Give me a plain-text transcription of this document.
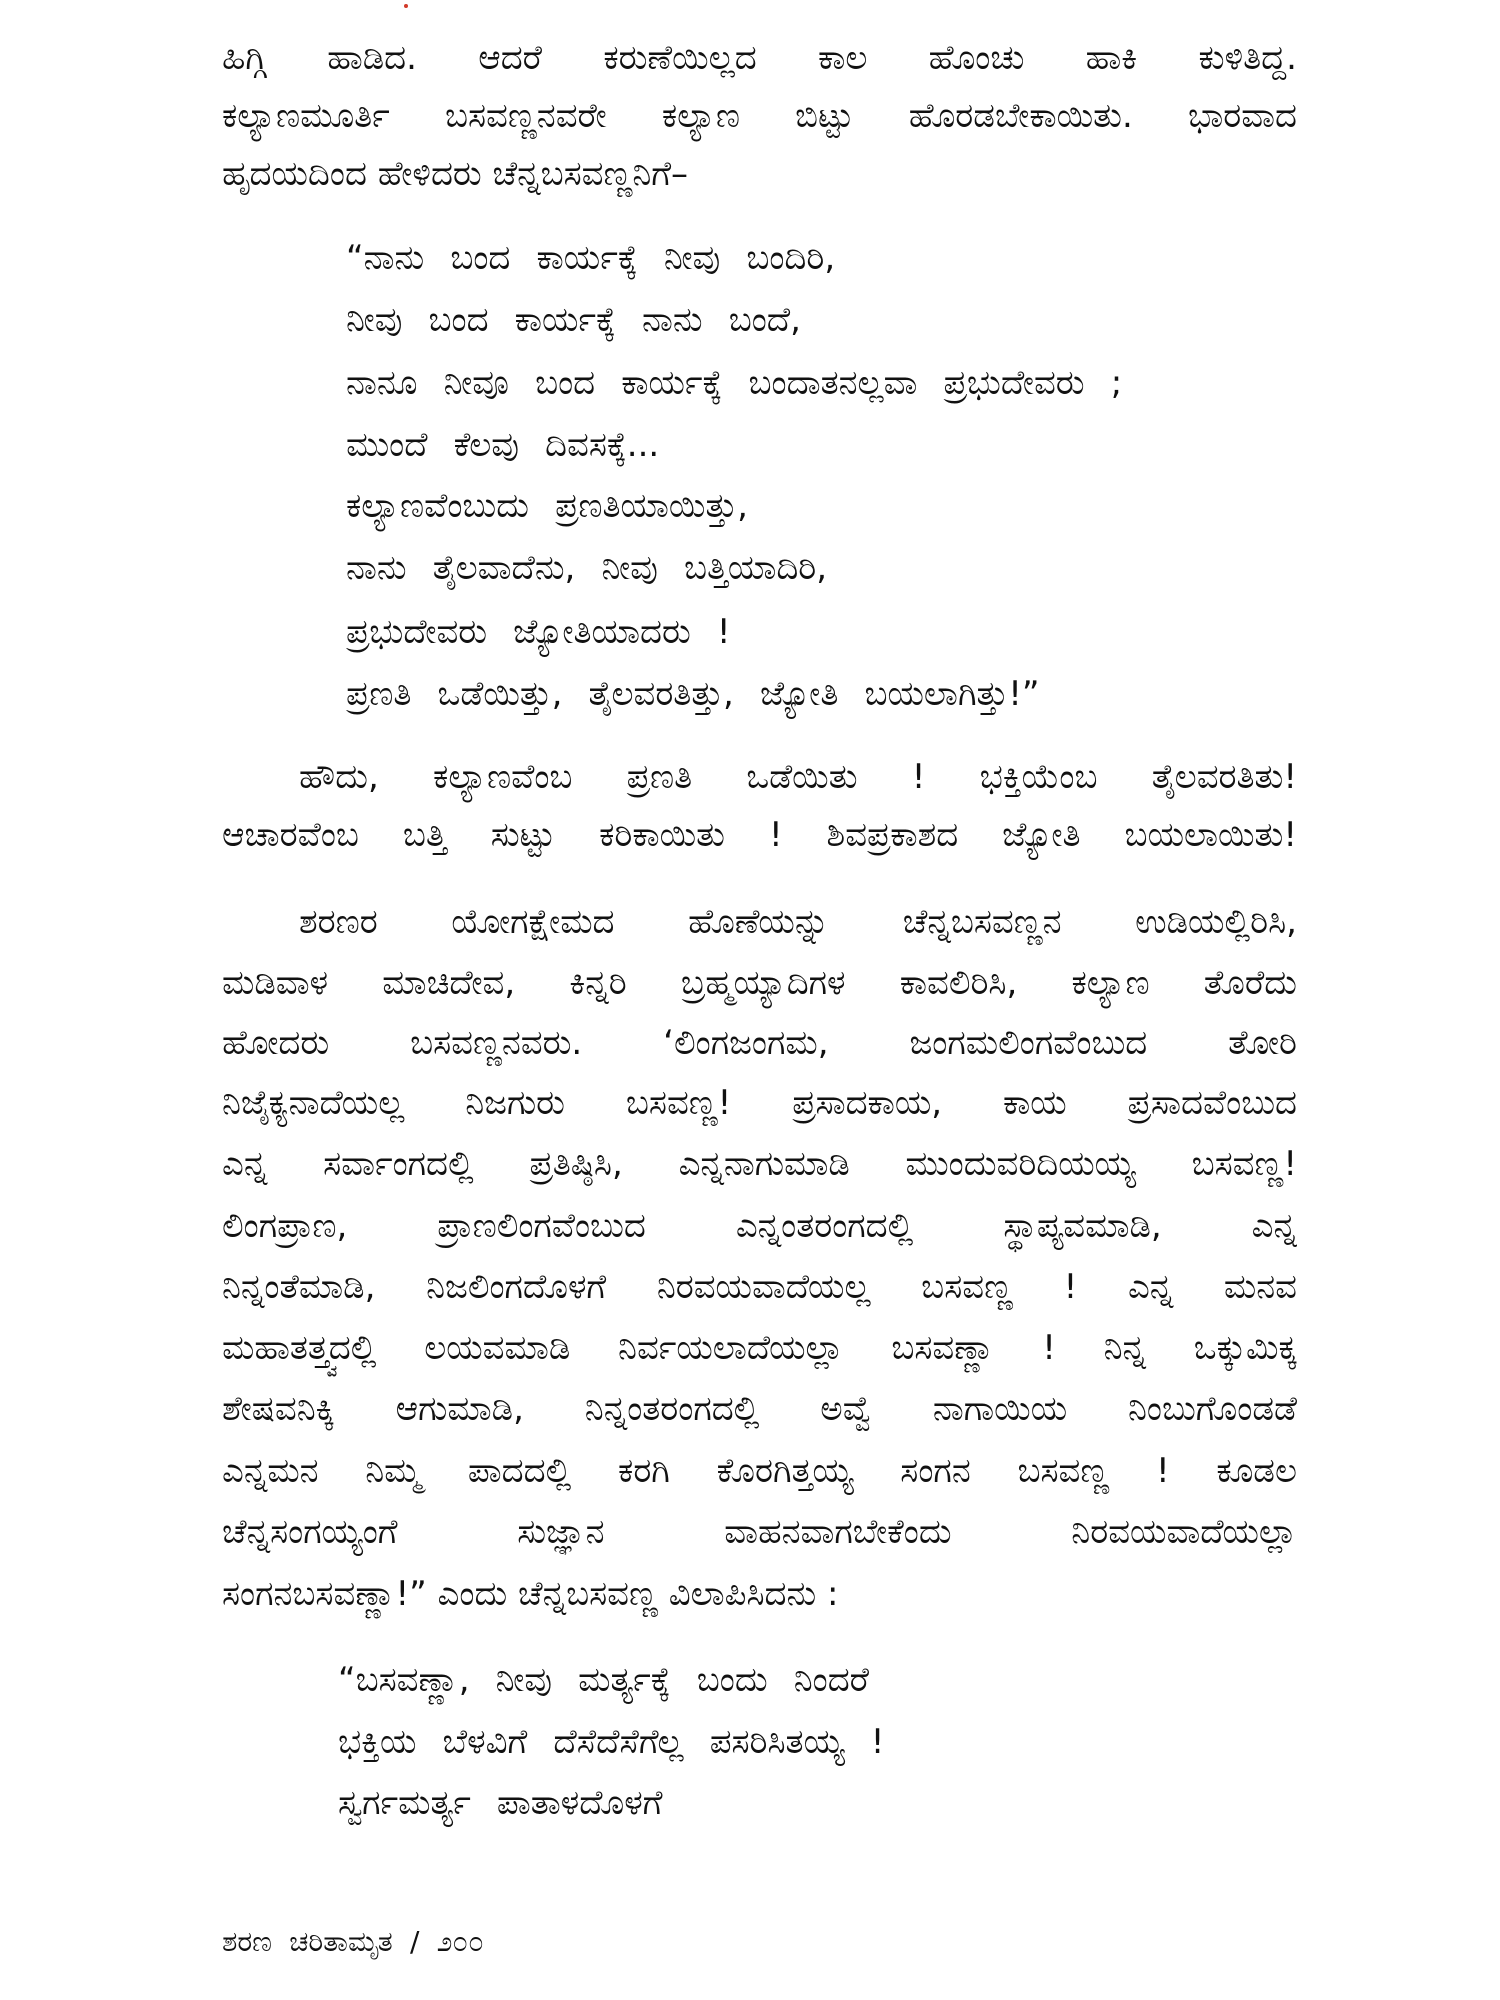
ಹಿಗ್ಗಿ ಹಾಡಿದ. ಆದರೆ ಕರುಣೆಯಿಲ್ಲದ ಕಾಲ ಹೊಂಚು ಹಾಕಿ ಕುಳಿತಿದ್ದ.
ಕಲ್ಯಾಣಮೂರ್ತಿ ಬಸವಣ್ಣನವರೇ ಕಲ್ಯಾಣ ಬಿಟ್ಟು ಹೊರಡಬೇಕಾಯಿತು. ಭಾರವಾದ
ಹೃದಯದಿಂದ ಹೇಳಿದರು ಚೆನ್ನಬಸವಣ್ಣನಿಗೆ–
“ನಾನು ಬಂದ ಕಾರ್ಯಕ್ಕೆ ನೀವು ಬಂದಿರಿ,
ನೀವು ಬಂದ ಕಾರ್ಯಕ್ಕೆ ನಾನು ಬಂದೆ,
ನಾನೂ ನೀವೂ ಬಂದ ಕಾರ್ಯಕ್ಕೆ ಬಂದಾತನಲ್ಲವಾ ಪ್ರಭುದೇವರು ;
ಮುಂದೆ ಕೆಲವು ದಿವಸಕ್ಕೆ...
ಕಲ್ಯಾಣವೆಂಬುದು ಪ್ರಣತಿಯಾಯಿತ್ತು,
ನಾನು ತೈಲವಾದೆನು, ನೀವು ಬತ್ತಿಯಾದಿರಿ,
ಪ್ರಭುದೇವರು ಜ್ಯೋತಿಯಾದರು !
ಪ್ರಣತಿ ಒಡೆಯಿತ್ತು, ತೈಲವರತಿತ್ತು, ಜ್ಯೋತಿ ಬಯಲಾಗಿತ್ತು!”
ಹೌದು, ಕಲ್ಯಾಣವೆಂಬ ಪ್ರಣತಿ ಒಡೆಯಿತು ! ಭಕ್ತಿಯೆಂಬ ತೈಲವರತಿತು!
ಆಚಾರವೆಂಬ ಬತ್ತಿ ಸುಟ್ಟು ಕರಿಕಾಯಿತು ! ಶಿವಪ್ರಕಾಶದ ಜ್ಯೋತಿ ಬಯಲಾಯಿತು!
ಶರಣರ ಯೋಗಕ್ಷೇಮದ ಹೊಣೆಯನ್ನು ಚೆನ್ನಬಸವಣ್ಣನ ಉಡಿಯಲ್ಲಿರಿಸಿ,
ಮಡಿವಾಳ ಮಾಚಿದೇವ, ಕಿನ್ನರಿ ಬ್ರಹ್ಮಯ್ಯಾದಿಗಳ ಕಾವಲಿರಿಸಿ, ಕಲ್ಯಾಣ ತೊರೆದು
ಹೋದರು ಬಸವಣ್ಣನವರು. ‘ಲಿಂಗಜಂಗಮ, ಜಂಗಮಲಿಂಗವೆಂಬುದ ತೋರಿ
ನಿಜೈಕ್ಯನಾದೆಯಲ್ಲ ನಿಜಗುರು ಬಸವಣ್ಣ! ಪ್ರಸಾದಕಾಯ, ಕಾಯ ಪ್ರಸಾದವೆಂಬುದ
ಎನ್ನ ಸರ್ವಾಂಗದಲ್ಲಿ ಪ್ರತಿಷ್ಠಿಸಿ, ಎನ್ನನಾಗುಮಾಡಿ ಮುಂದುವರಿದಿಯಯ್ಯ ಬಸವಣ್ಣ!
ಲಿಂಗಪ್ರಾಣ, ಪ್ರಾಣಲಿಂಗವೆಂಬುದ ಎನ್ನಂತರಂಗದಲ್ಲಿ ಸ್ಥಾಪ್ಯವಮಾಡಿ, ಎನ್ನ
ನಿನ್ನಂತೆಮಾಡಿ, ನಿಜಲಿಂಗದೊಳಗೆ ನಿರವಯವಾದೆಯಲ್ಲ ಬಸವಣ್ಣ ! ಎನ್ನ ಮನವ
ಮಹಾತತ್ತ್ವದಲ್ಲಿ ಲಯವಮಾಡಿ ನಿರ್ವಯಲಾದೆಯಲ್ಲಾ ಬಸವಣ್ಣಾ ! ನಿನ್ನ ಒಕ್ಕುಮಿಕ್ಕ
ಶೇಷವನಿಕ್ಕಿ ಆಗುಮಾಡಿ, ನಿನ್ನಂತರಂಗದಲ್ಲಿ ಅವ್ವೆ ನಾಗಾಯಿಯ ನಿಂಬುಗೊಂಡಡೆ
ಎನ್ನಮನ ನಿಮ್ಮ ಪಾದದಲ್ಲಿ ಕರಗಿ ಕೊರಗಿತ್ತಯ್ಯ ಸಂಗನ ಬಸವಣ್ಣ ! ಕೂಡಲ
ಚೆನ್ನಸಂಗಯ್ಯಂಗೆ ಸುಜ್ಞಾನ ವಾಹನವಾಗಬೇಕೆಂದು ನಿರವಯವಾದೆಯಲ್ಲಾ
ಸಂಗನಬಸವಣ್ಣಾ!” ಎಂದು ಚೆನ್ನಬಸವಣ್ಣ ವಿಲಾಪಿಸಿದನು :
“ಬಸವಣ್ಣಾ, ನೀವು ಮರ್ತ್ಯಕ್ಕೆ ಬಂದು ನಿಂದರೆ
ಭಕ್ತಿಯ ಬೆಳವಿಗೆ ದೆಸೆದೆಸೆಗೆಲ್ಲ ಪಸರಿಸಿತಯ್ಯ !
ಸ್ವರ್ಗಮರ್ತ್ಯ ಪಾತಾಳದೊಳಗೆ
ಶರಣ ಚರಿತಾಮೃತ / ೨೦೦
